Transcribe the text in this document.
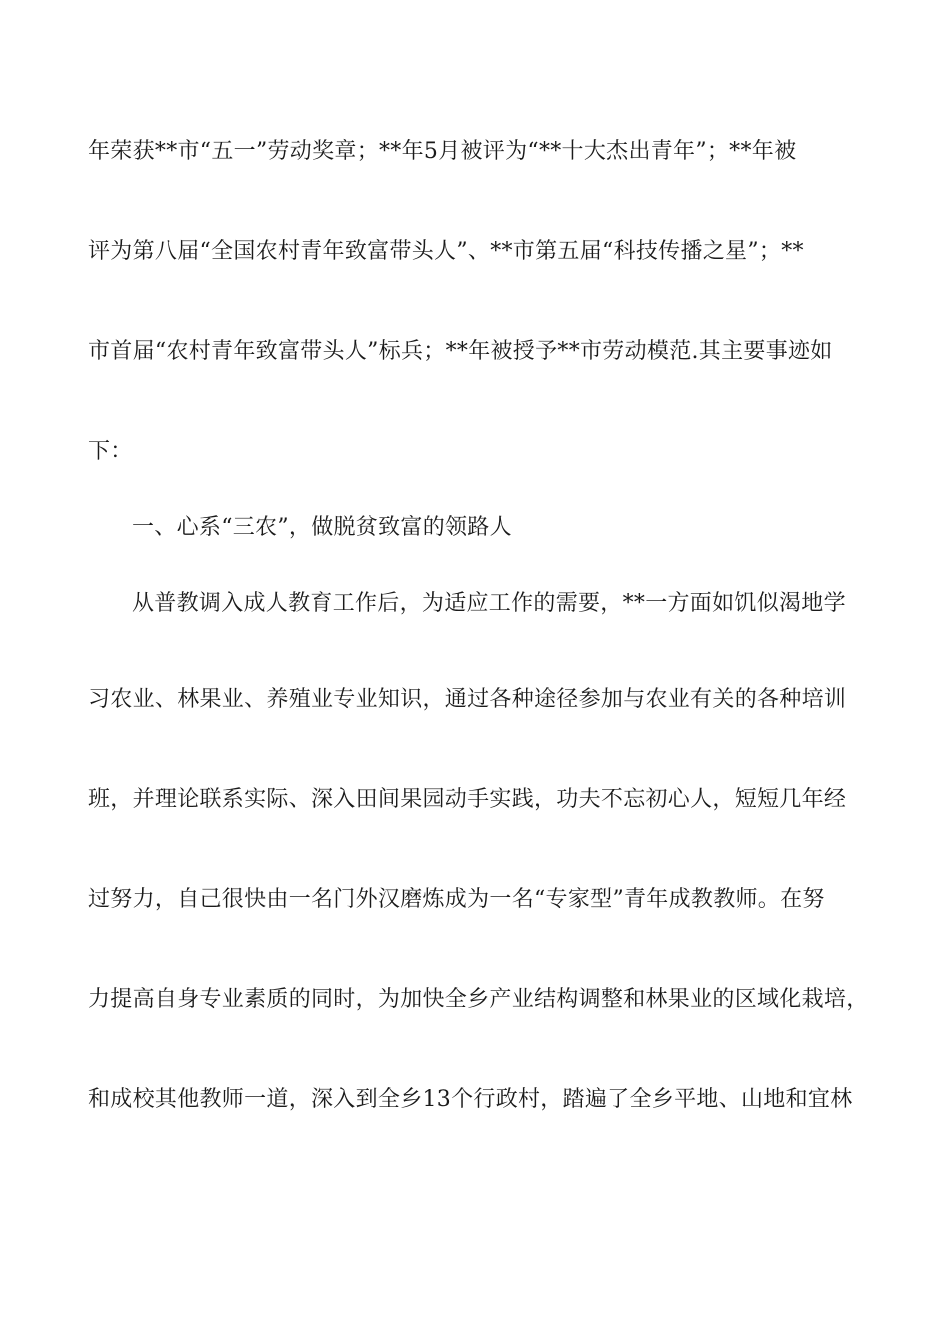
年荣获**市“五一”劳动奖章；**年5月被评为“**十大杰出青年”；**年被

评为第八届“全国农村青年致富带头人”、**市第五届“科技传播之星”；**

市首届“农村青年致富带头人”标兵；**年被授予**市劳动模范.其主要事迹如

下：

一、心系“三农”，做脱贫致富的领路人

从普教调入成人教育工作后，为适应工作的需要，**一方面如饥似渴地学

习农业、林果业、养殖业专业知识，通过各种途径参加与农业有关的各种培训

班，并理论联系实际、深入田间果园动手实践，功夫不忘初心人，短短几年经

过努力，自己很快由一名门外汉磨炼成为一名“专家型”青年成教教师。在努

力提高自身专业素质的同时，为加快全乡产业结构调整和林果业的区域化栽培，

和成校其他教师一道，深入到全乡13个行政村，踏遍了全乡平地、山地和宜林
